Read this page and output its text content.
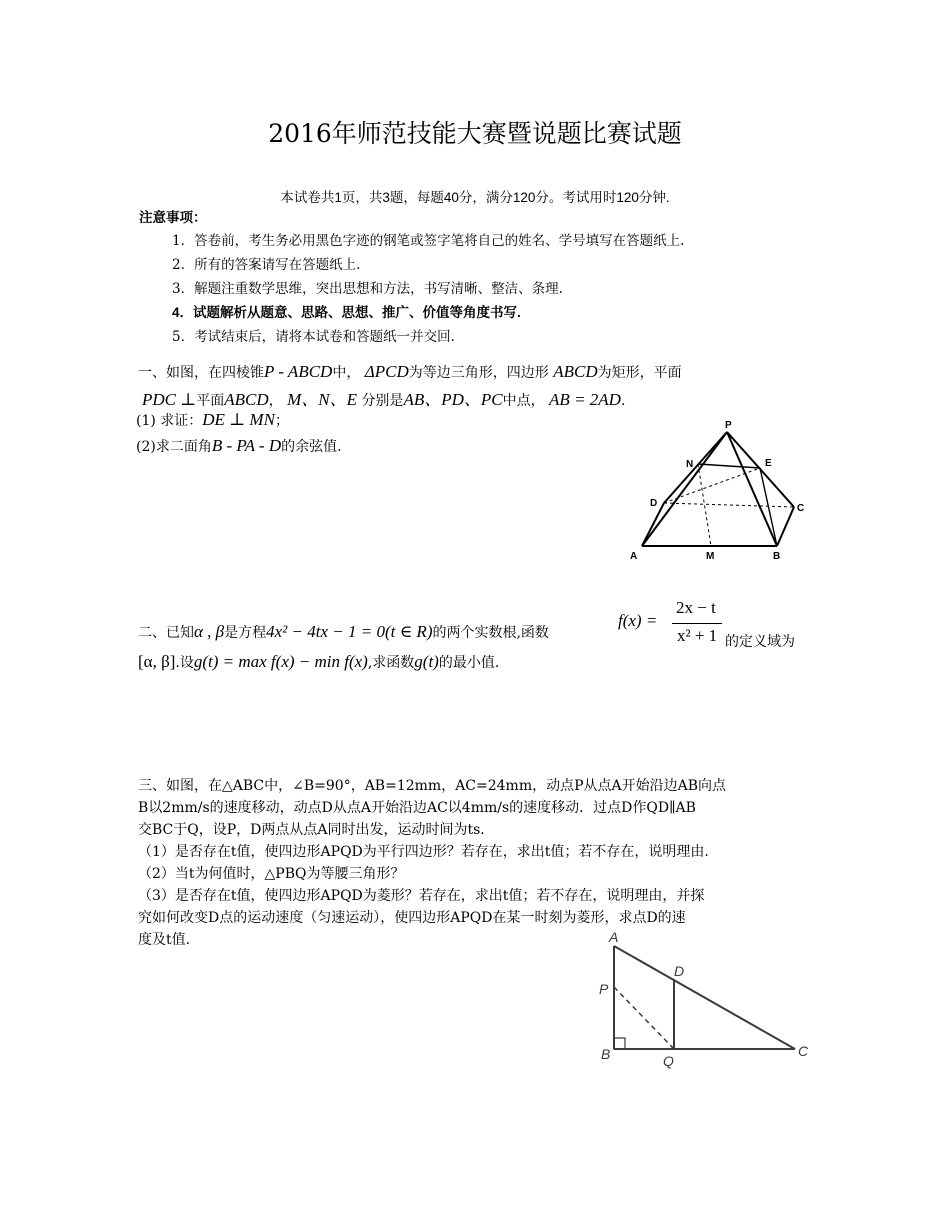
2016年师范技能大赛暨说题比赛试题
本试卷共1页，共3题，每题40分，满分120分。考试用时120分钟.
注意事项：
1．答卷前，考生务必用黑色字迹的钢笔或签字笔将自己的姓名、学号填写在答题纸上.
2．所有的答案请写在答题纸上.
3．解题注重数学思维，突出思想和方法，书写清晰、整洁、条理.
4．试题解析从题意、思路、思想、推广、价值等角度书写.
5．考试结束后，请将本试卷和答题纸一并交回.
一、如图，在四棱锥P - ABCD中， ΔPCD为等边三角形，四边形 ABCD为矩形，平面
PDC ⊥平面ABCD， M、N、E 分别是AB、PD、PC中点， AB = 2AD.
(1) 求证：DE ⊥ MN；
(2)求二面角B - PA - D的余弦值.
P
N	E
D	C
A	M	B
二、已知α , β是方程4x² − 4tx − 1 = 0(t ∈ R)的两个实数根,函数
f(x) =
2x − t
x² + 1 的定义域为
[α, β].设g(t) = max f(x) − min f(x),求函数g(t)的最小值.
三、如图，在△ABC中，∠B=90°，AB=12mm，AC=24mm，动点P从点A开始沿边AB向点
B以2mm/s的速度移动，动点D从点A开始沿边AC以4mm/s的速度移动．过点D作QD∥AB
交BC于Q，设P，D两点从点A同时出发，运动时间为ts．
（1）是否存在t值，使四边形APQD为平行四边形？若存在，求出t值；若不存在，说明理由.
（2）当t为何值时，△PBQ为等腰三角形？
（3）是否存在t值，使四边形APQD为菱形？若存在，求出t值；若不存在，说明理由，并探
究如何改变D点的运动速度（匀速运动），使四边形APQD在某一时刻为菱形，求点D的速
度及t值.	A
D
P
B	Q
C
